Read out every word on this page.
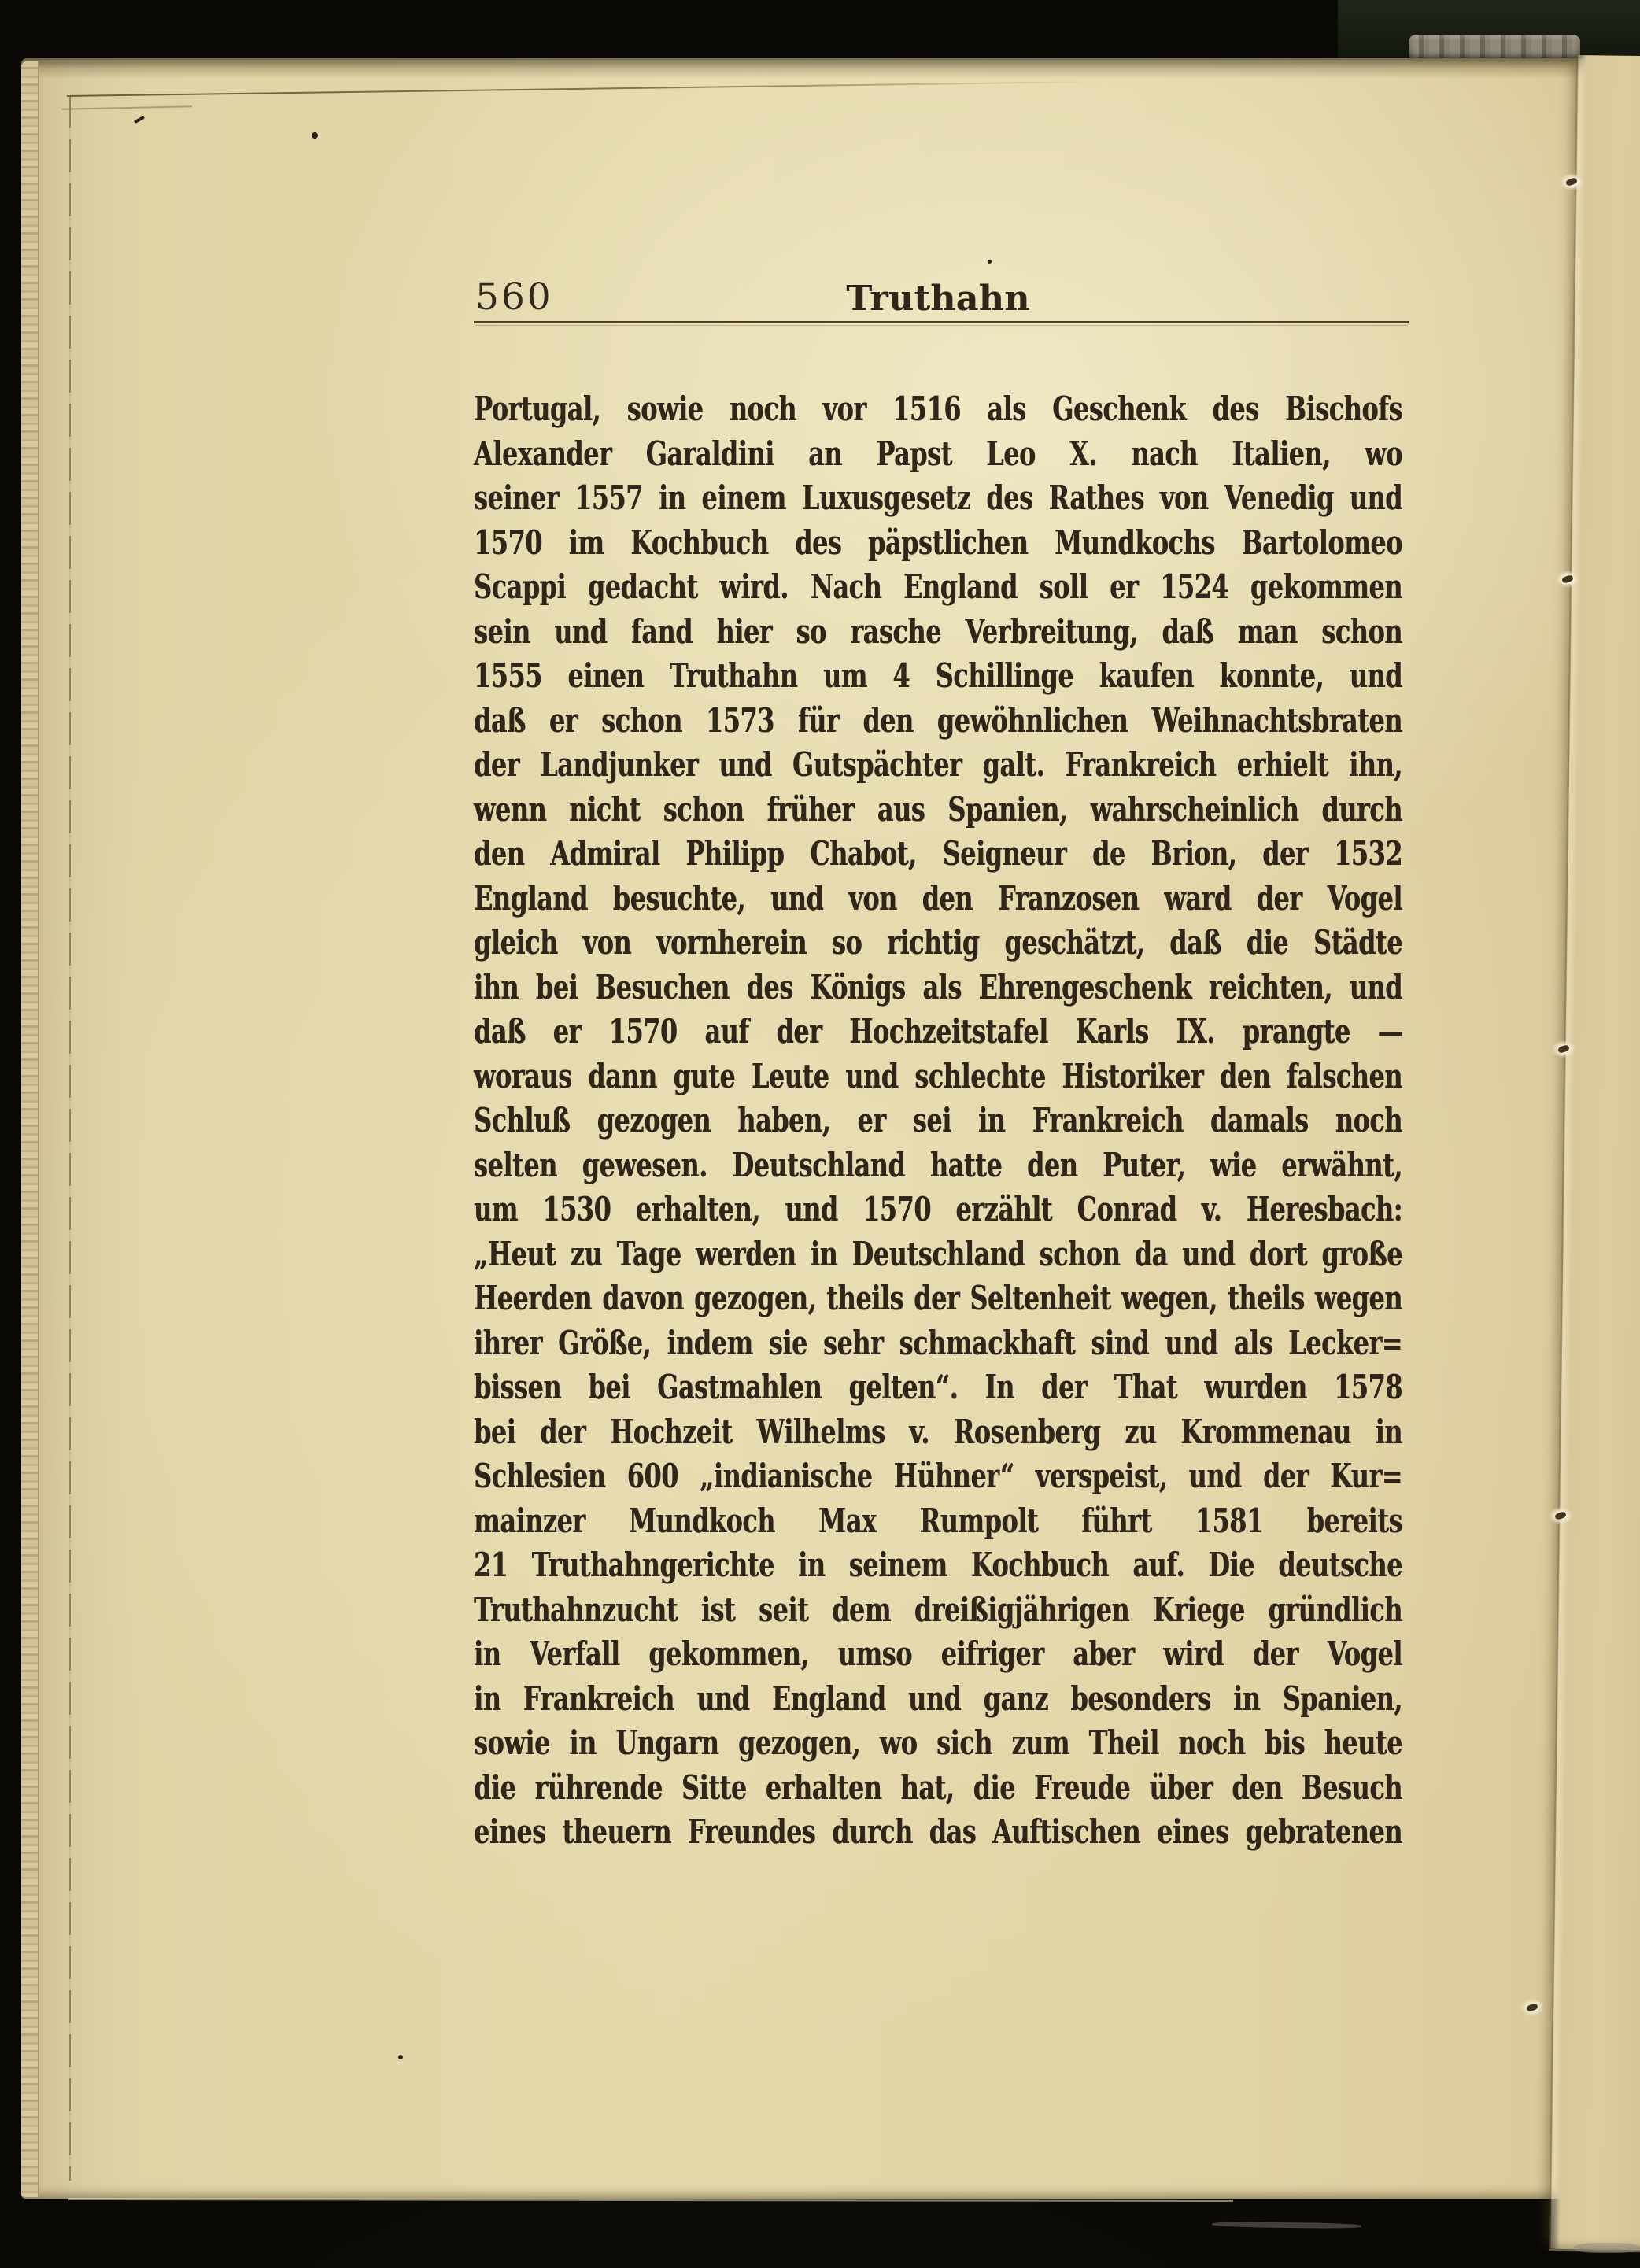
560	Truthahn
Portugal, sowie noch vor 1516 als Geschenk des Bischofs
Alexander Garaldini an Papst Leo X. nach Italien, wo
seiner 1557 in einem Luxusgesetz des Rathes von Venedig und
1570 im Kochbuch des päpstlichen Mundkochs Bartolomeo
Scappi gedacht wird. Nach England soll er 1524 gekommen
sein und fand hier so rasche Verbreitung, daß man schon
1555 einen Truthahn um 4 Schillinge kaufen konnte, und
daß er schon 1573 für den gewöhnlichen Weihnachtsbraten
der Landjunker und Gutspächter galt. Frankreich erhielt ihn,
wenn nicht schon früher aus Spanien, wahrscheinlich durch
den Admiral Philipp Chabot, Seigneur de Brion, der 1532
England besuchte, und von den Franzosen ward der Vogel
gleich von vornherein so richtig geschätzt, daß die Städte
ihn bei Besuchen des Königs als Ehrengeschenk reichten, und
daß er 1570 auf der Hochzeitstafel Karls IX. prangte —
woraus dann gute Leute und schlechte Historiker den falschen
Schluß gezogen haben, er sei in Frankreich damals noch
selten gewesen. Deutschland hatte den Puter, wie erwähnt,
um 1530 erhalten, und 1570 erzählt Conrad v. Heresbach:
„Heut zu Tage werden in Deutschland schon da und dort große
Heerden davon gezogen, theils der Seltenheit wegen, theils wegen
ihrer Größe, indem sie sehr schmackhaft sind und als Lecker=
bissen bei Gastmahlen gelten“. In der That wurden 1578
bei der Hochzeit Wilhelms v. Rosenberg zu Krommenau in
Schlesien 600 „indianische Hühner“ verspeist, und der Kur=
mainzer Mundkoch Max Rumpolt führt 1581 bereits
21 Truthahngerichte in seinem Kochbuch auf. Die deutsche
Truthahnzucht ist seit dem dreißigjährigen Kriege gründlich
in Verfall gekommen, umso eifriger aber wird der Vogel
in Frankreich und England und ganz besonders in Spanien,
sowie in Ungarn gezogen, wo sich zum Theil noch bis heute
die rührende Sitte erhalten hat, die Freude über den Besuch
eines theuern Freundes durch das Auftischen eines gebratenen
